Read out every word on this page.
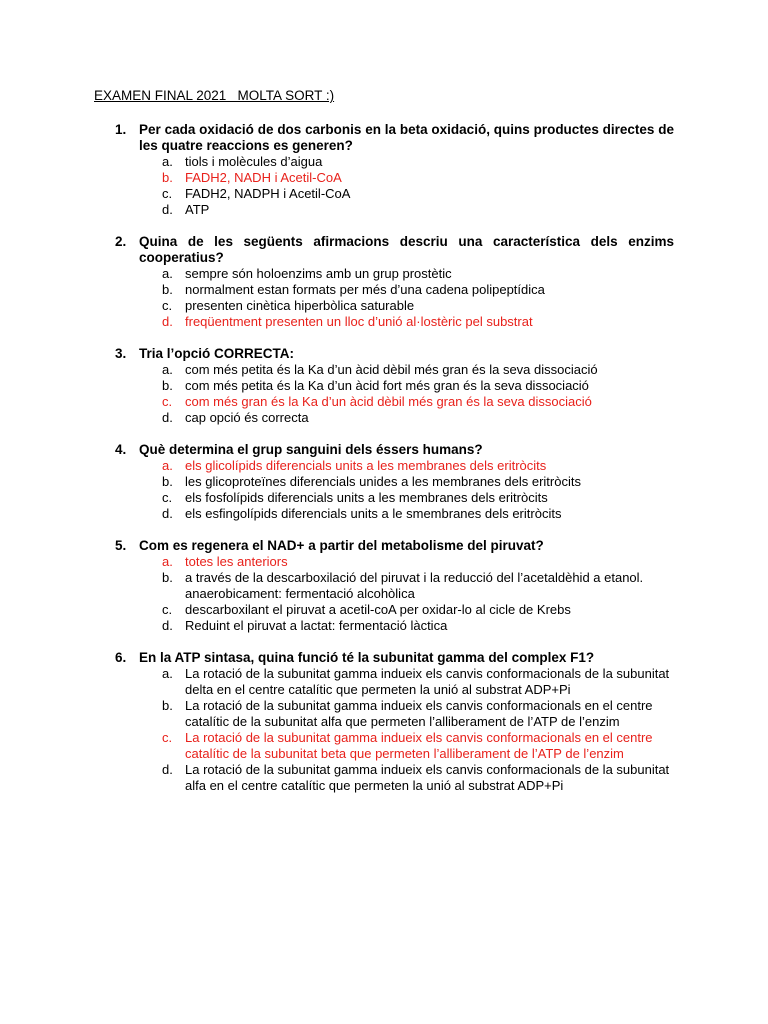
EXAMEN FINAL 2021   MOLTA SORT :)
1. Per cada oxidació de dos carbonis en la beta oxidació, quins productes directes de les quatre reaccions es generen?
a. tiols i molècules d’aigua
b. FADH2, NADH i Acetil-CoA
c. FADH2, NADPH i Acetil-CoA
d. ATP
2. Quina de les següents afirmacions descriu una característica dels enzims cooperatius?
a. sempre són holoenzims amb un grup prostètic
b. normalment estan formats per més d’una cadena polipeptídica
c. presenten cinètica hiperbòlica saturable
d. freqüentment presenten un lloc d’unió al·lostèric pel substrat
3. Tria l’opció CORRECTA:
a. com més petita és la Ka d’un àcid dèbil més gran és la seva dissociació
b. com més petita és la Ka d’un àcid fort més gran és la seva dissociació
c. com més gran és la Ka d’un àcid dèbil més gran és la seva dissociació
d. cap opció és correcta
4. Què determina el grup sanguini dels éssers humans?
a. els glicolípids diferencials units a les membranes dels eritròcits
b. les glicoproteïnes diferencials unides a les membranes dels eritròcits
c. els fosfolípids diferencials units a les membranes dels eritròcits
d. els esfingolípids diferencials units a le smembranes dels eritròcits
5. Com es regenera el NAD+ a partir del metabolisme del piruvat?
a. totes les anteriors
b. a través de la descarboxilació del piruvat i la reducció del l’acetaldèhid a etanol. anaerobicament: fermentació alcohòlica
c. descarboxilant el piruvat a acetil-coA per oxidar-lo al cicle de Krebs
d. Reduint el piruvat a lactat: fermentació làctica
6. En la ATP sintasa, quina funció té la subunitat gamma del complex F1?
a. La rotació de la subunitat gamma indueix els canvis conformacionals de la subunitat delta en el centre catalític que permeten la unió al substrat ADP+Pi
b. La rotació de la subunitat gamma indueix els canvis conformacionals en el centre catalític de la subunitat alfa que permeten l’alliberament de l’ATP de l’enzim
c. La rotació de la subunitat gamma indueix els canvis conformacionals en el centre catalític de la subunitat beta que permeten l’alliberament de l’ATP de l’enzim
d. La rotació de la subunitat gamma indueix els canvis conformacionals de la subunitat alfa en el centre catalític que permeten la unió al substrat ADP+Pi
